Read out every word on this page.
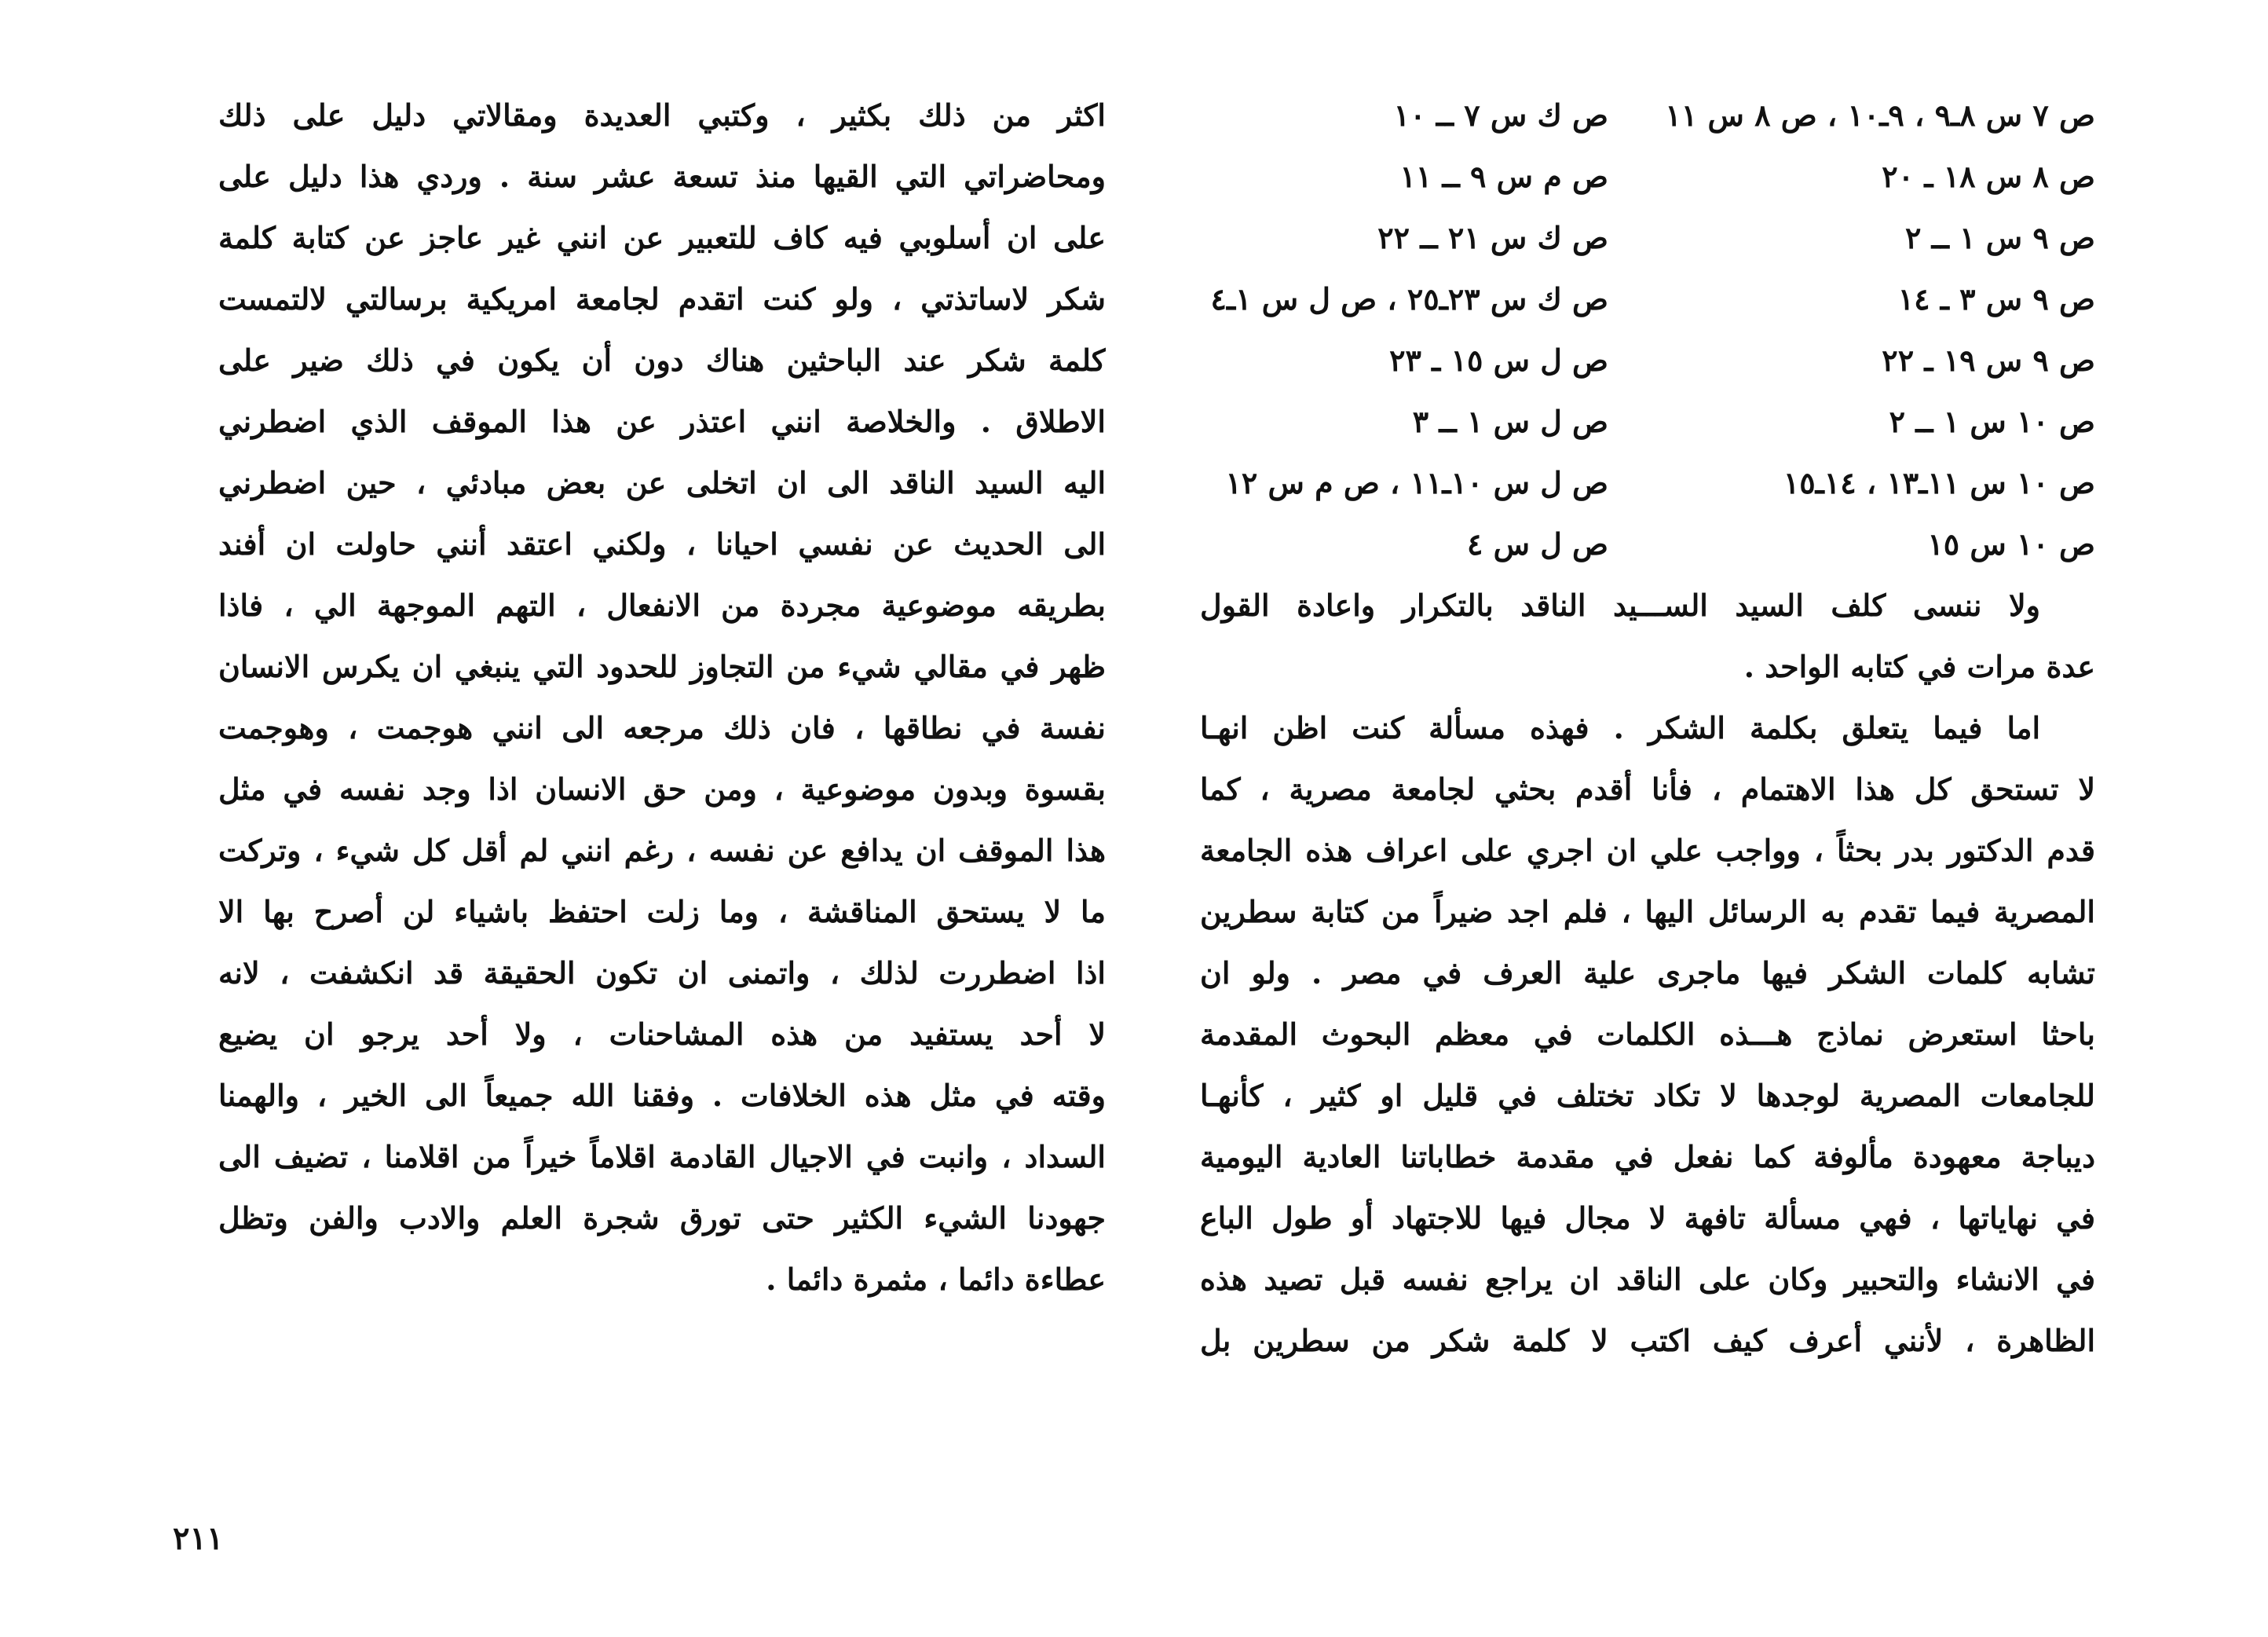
اكثر من ذلك بكثير ، وكتبي العديدة ومقالاتي دليل على ذلك
ومحاضراتي التي القيها منذ تسعة عشر سنة . وردي هذا دليل على
على ان أسلوبي فيه كاف للتعبير عن انني غير عاجز عن كتابة كلمة
شكر لاساتذتي ، ولو كنت اتقدم لجامعة امريكية برسالتي لالتمست
كلمة شكر عند الباحثين هناك دون أن يكون في ذلك ضير على
الاطلاق . والخلاصة انني اعتذر عن هذا الموقف الذي اضطرني
اليه السيد الناقد الى ان اتخلى عن بعض مبادئي ، حين اضطرني
الى الحديث عن نفسي احيانا ، ولكني اعتقد أنني حاولت ان أفند
بطريقه موضوعية مجردة من الانفعال ، التهم الموجهة الي ، فاذا
ظهر في مقالي شيء من التجاوز للحدود التي ينبغي ان يكرس الانسان
نفسة في نطاقها ، فان ذلك مرجعه الى انني هوجمت ، وهوجمت
بقسوة وبدون موضوعية ، ومن حق الانسان اذا وجد نفسه في مثل
هذا الموقف ان يدافع عن نفسه ، رغم انني لم أقل كل شيء ، وتركت
ما لا يستحق المناقشة ، وما زلت احتفظ باشياء لن أصرح بها الا
اذا اضطررت لذلك ، واتمنى ان تكون الحقيقة قد انكشفت ، لانه
لا أحد يستفيد من هذه المشاحنات ، ولا أحد يرجو ان يضيع
وقته في مثل هذه الخلافات . وفقنا الله جميعاً الى الخير ، والهمنا
السداد ، وانبت في الاجيال القادمة اقلاماً خيراً من اقلامنا ، تضيف الى
جهودنا الشيء الكثير حتى تورق شجرة العلم والادب والفن وتظل
عطاءة دائما ، مثمرة دائما .
٢١١
ص ٧ س ٨ـ٩ ، ٩ـ١٠ ، ص ٨ س ١١
ص ك س ٧ ــ ١٠
ص ٨ س ١٨ ـ ٢٠
ص م س ٩ ــ ١١
ص ٩ س ١ ــ ٢
ص ك س ٢١ ــ ٢٢
ص ٩ س ٣ ـ ١٤
ص ك س ٢٣ـ٢٥ ، ص ل س ١ـ٤
ص ٩ س ١٩ ـ ٢٢
ص ل س ١٥ ـ ٢٣
ص ١٠ س ١ ــ ٢
ص ل س ١ ــ ٣
ص ١٠ س ١١ـ١٣ ، ١٤ـ١٥
ص ل س ١٠ـ١١ ، ص م س ١٢
ص ١٠ س ١٥
ص ل س ٤
ولا ننسى كلف السيد الســـيد الناقد بالتكرار واعادة القول
عدة مرات في كتابه الواحد .
اما فيما يتعلق بكلمة الشكر . فهذه مسألة كنت اظن انهـا
لا تستحق كل هذا الاهتمام ، فأنا أقدم بحثي لجامعة مصرية ، كما
قدم الدكتور بدر بحثاً ، وواجب علي ان اجري على اعراف هذه الجامعة
المصرية فيما تقدم به الرسائل اليها ، فلم اجد ضيراً من كتابة سطرين
تشابه كلمات الشكر فيها ماجرى علية العرف في مصر . ولو ان
باحثا استعرض نماذج هـــذه الكلمات في معظم البحوث المقدمة
للجامعات المصرية لوجدها لا تكاد تختلف في قليل او كثير ، كأنهـا
ديباجة معهودة مألوفة كما نفعل في مقدمة خطاباتنا العادية اليومية
في نهاياتها ، فهي مسألة تافهة لا مجال فيها للاجتهاد أو طول الباع
في الانشاء والتحبير وكان على الناقد ان يراجع نفسه قبل تصيد هذه
الظاهرة ، لأنني أعرف كيف اكتب لا كلمة شكر من سطرين بل
